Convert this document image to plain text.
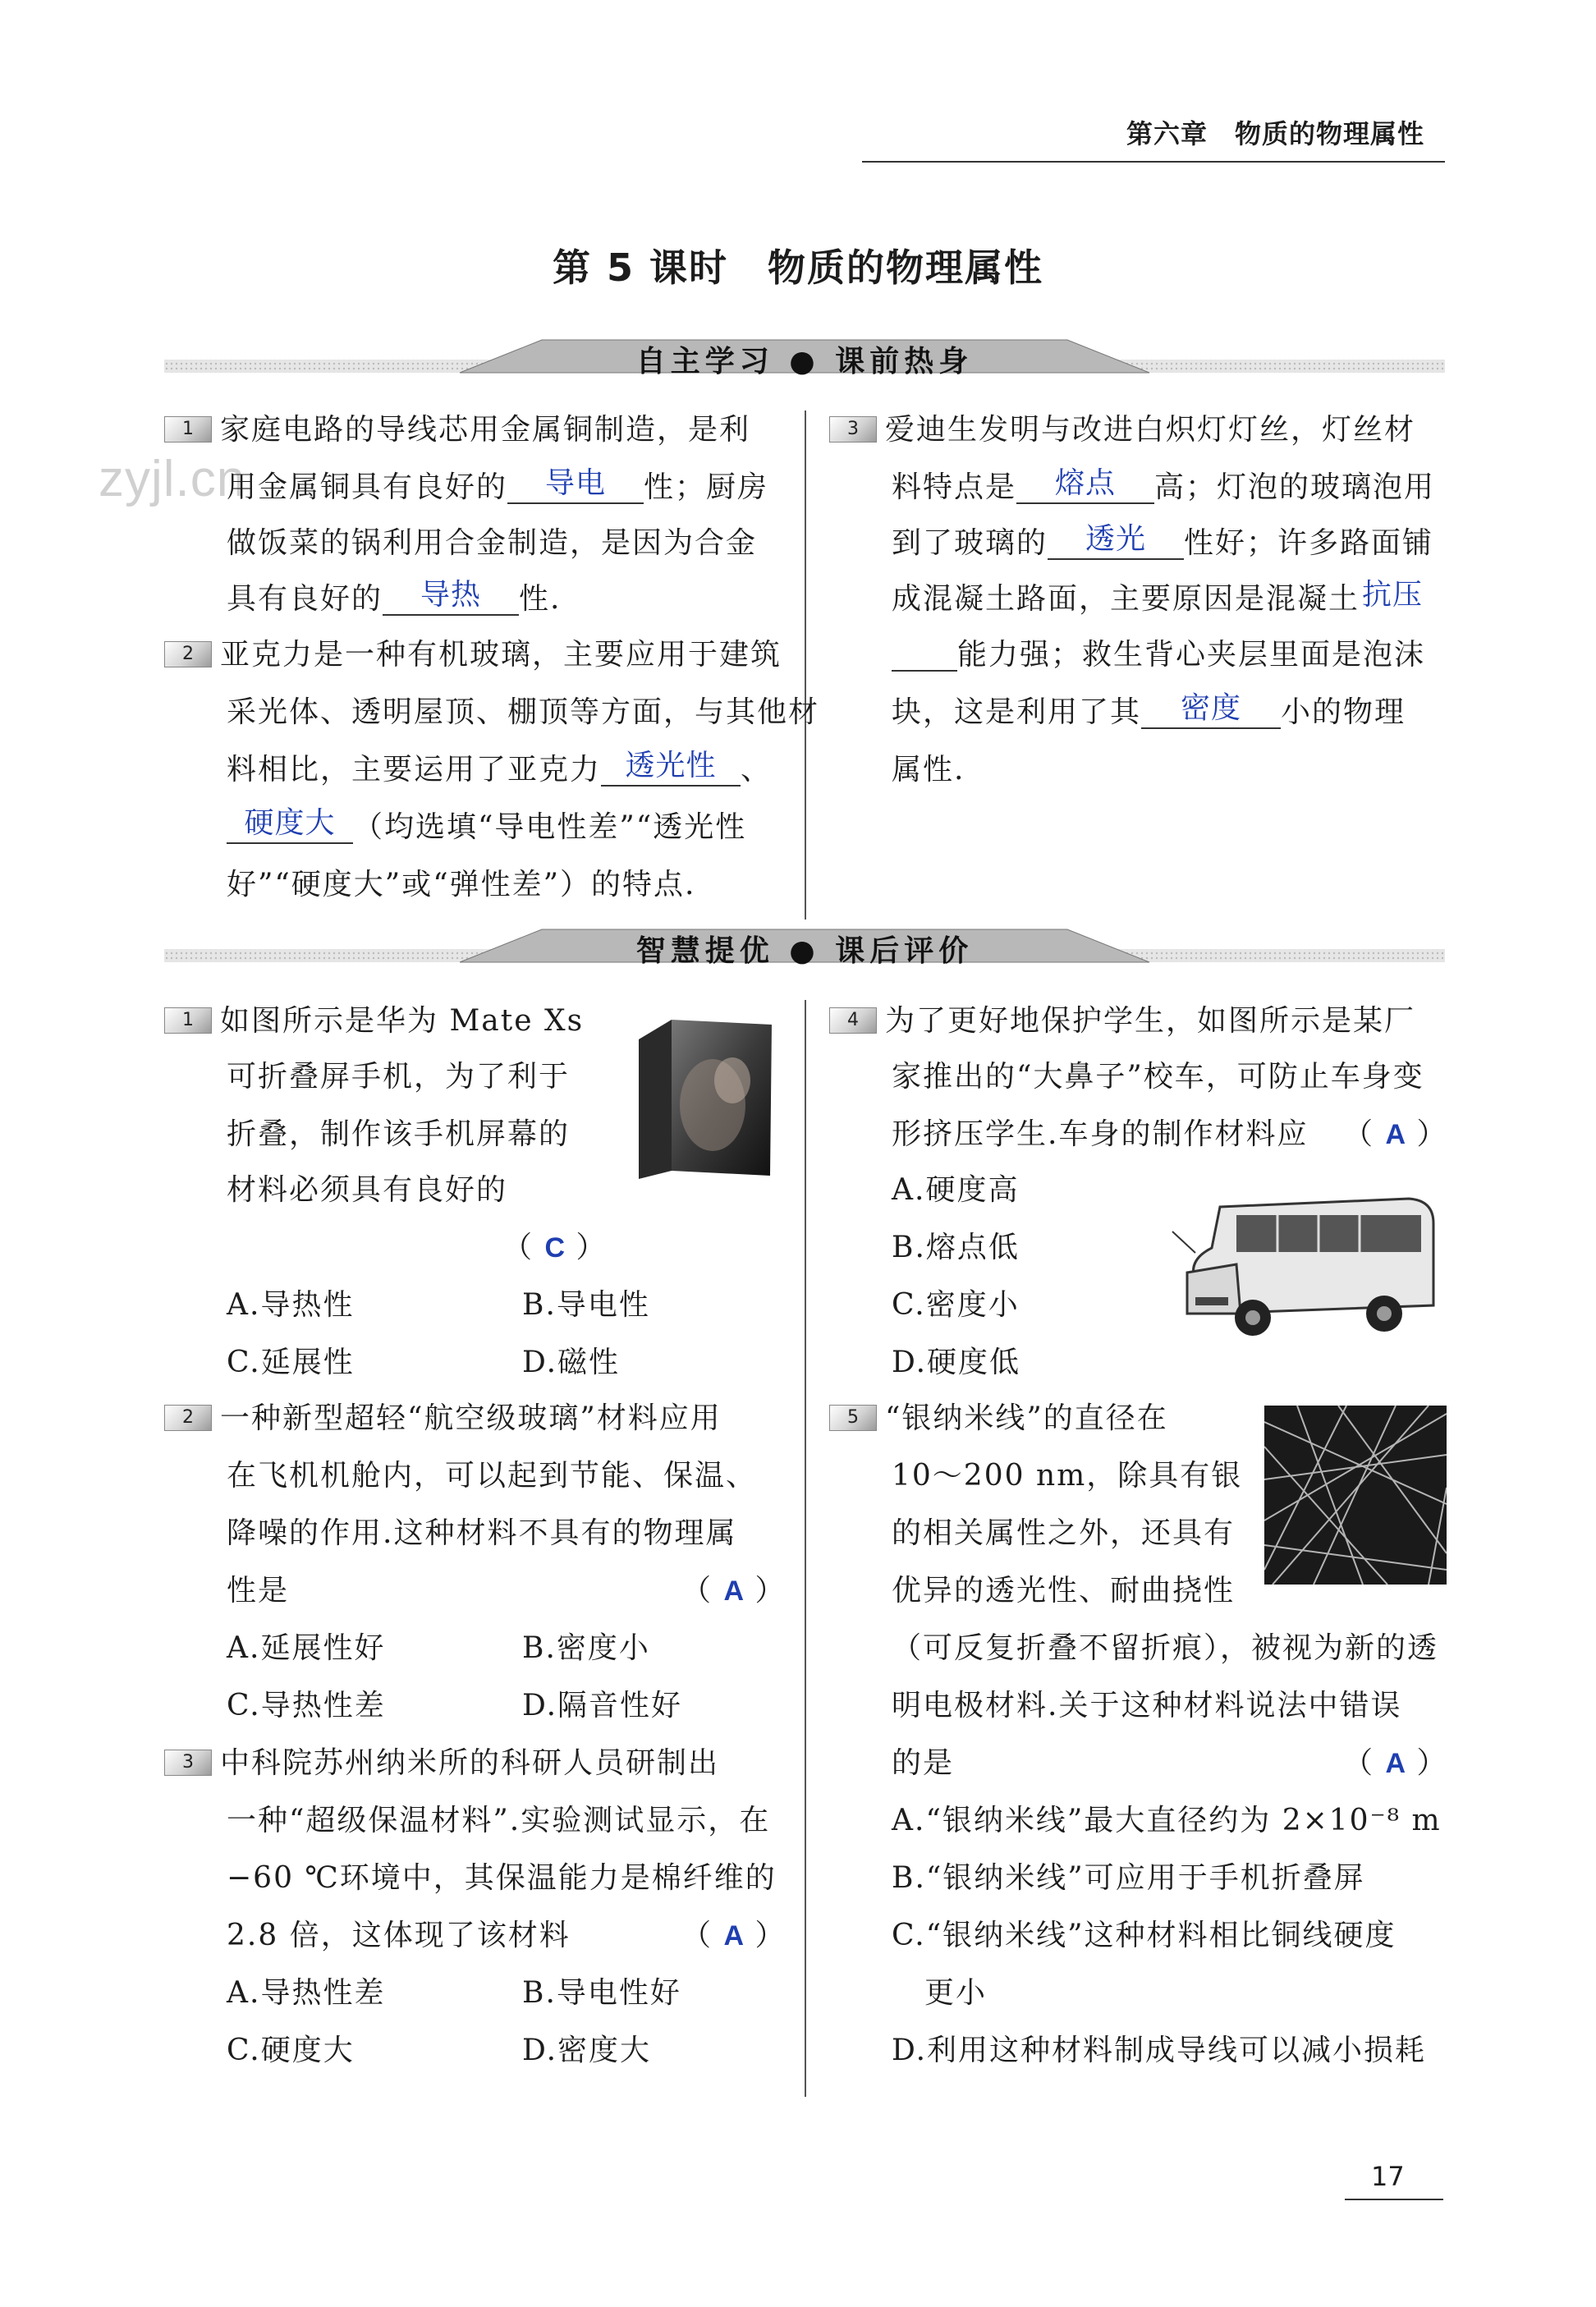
第六章　物质的物理属性
zyjl.cn
第 5 课时　物质的物理属性
自主学习 ● 课前热身
1 家庭电路的导线芯用金属铜制造，是利
用金属铜具有良好的 导电 性；厨房
做饭菜的锅利用合金制造，是因为合金
具有良好的 导热 性.
2 亚克力是一种有机玻璃，主要应用于建筑
采光体、透明屋顶、棚顶等方面，与其他材
料相比，主要运用了亚克力 透光性 、
硬度大 （均选填“导电性差”“透光性
好”“硬度大”或“弹性差”）的特点.
3 爱迪生发明与改进白炽灯灯丝，灯丝材
料特点是 熔点 高；灯泡的玻璃泡用
到了玻璃的 透光 性好；许多路面铺
成混凝土路面，主要原因是混凝土抗压
能力强；救生背心夹层里面是泡沫
块，这是利用了其 密度 小的物理
属性.
智慧提优 ● 课后评价
1 如图所示是华为 Mate Xs
可折叠屏手机，为了利于
折叠，制作该手机屏幕的
材料必须具有良好的
（ C ）
A.导热性	B.导电性
C.延展性	D.磁性
2 一种新型超轻“航空级玻璃”材料应用
在飞机机舱内，可以起到节能、保温、
降噪的作用.这种材料不具有的物理属
性是	（ A ）
A.延展性好	B.密度小
C.导热性差	D.隔音性好
3 中科院苏州纳米所的科研人员研制出
一种“超级保温材料”.实验测试显示，在
−60 ℃环境中，其保温能力是棉纤维的
2.8 倍，这体现了该材料	（ A ）
A.导热性差	B.导电性好
C.硬度大	D.密度大
4 为了更好地保护学生，如图所示是某厂
家推出的“大鼻子”校车，可防止车身变
形挤压学生.车身的制作材料应 （ A ）
A.硬度高
B.熔点低
C.密度小
D.硬度低
5 “银纳米线”的直径在
10～200 nm，除具有银
的相关属性之外，还具有
优异的透光性、耐曲挠性
（可反复折叠不留折痕），被视为新的透
明电极材料.关于这种材料说法中错误
的是	（ A ）
A.“银纳米线”最大直径约为 2×10⁻⁸ m
B.“银纳米线”可应用于手机折叠屏
C.“银纳米线”这种材料相比铜线硬度
更小
D.利用这种材料制成导线可以减小损耗
17
